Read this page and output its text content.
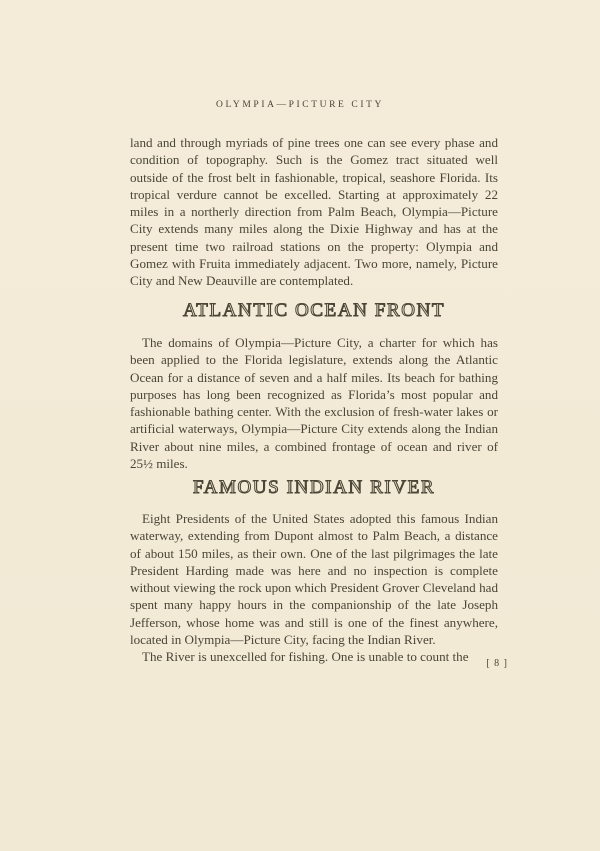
OLYMPIA—PICTURE CITY

land and through myriads of pine trees one can see every phase and condition of topography. Such is the Gomez tract situated well outside of the frost belt in fashionable, tropical, seashore Florida. Its tropical verdure cannot be excelled. Starting at approximately 22 miles in a northerly direction from Palm Beach, Olympia—Picture City extends many miles along the Dixie Highway and has at the present time two railroad stations on the property: Olympia and Gomez with Fruita immediately adjacent. Two more, namely, Picture City and New Deauville are contemplated.

ATLANTIC OCEAN FRONT

The domains of Olympia—Picture City, a charter for which has been applied to the Florida legislature, extends along the Atlantic Ocean for a distance of seven and a half miles. Its beach for bathing purposes has long been recognized as Florida’s most popular and fashionable bathing center. With the exclusion of fresh-water lakes or artificial waterways, Olympia—Picture City extends along the Indian River about nine miles, a combined frontage of ocean and river of 25½ miles.

FAMOUS INDIAN RIVER

Eight Presidents of the United States adopted this famous Indian waterway, extending from Dupont almost to Palm Beach, a distance of about 150 miles, as their own. One of the last pilgrimages the late President Harding made was here and no inspection is complete without viewing the rock upon which President Grover Cleveland had spent many happy hours in the companionship of the late Joseph Jefferson, whose home was and still is one of the finest anywhere, located in Olympia—Picture City, facing the Indian River.

The River is unexcelled for fishing. One is unable to count the	[ 8 ]
